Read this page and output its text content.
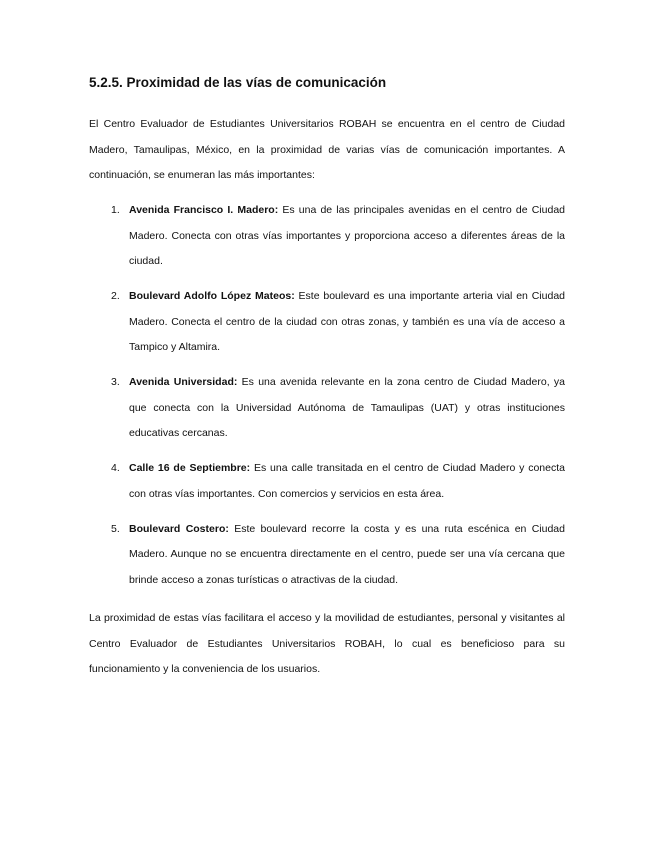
5.2.5. Proximidad de las vías de comunicación

El Centro Evaluador de Estudiantes Universitarios ROBAH se encuentra en el centro de Ciudad Madero, Tamaulipas, México, en la proximidad de varias vías de comunicación importantes. A continuación, se enumeran las más importantes:

1. Avenida Francisco I. Madero: Es una de las principales avenidas en el centro de Ciudad Madero. Conecta con otras vías importantes y proporciona acceso a diferentes áreas de la ciudad.
2. Boulevard Adolfo López Mateos: Este boulevard es una importante arteria vial en Ciudad Madero. Conecta el centro de la ciudad con otras zonas, y también es una vía de acceso a Tampico y Altamira.
3. Avenida Universidad: Es una avenida relevante en la zona centro de Ciudad Madero, ya que conecta con la Universidad Autónoma de Tamaulipas (UAT) y otras instituciones educativas cercanas.
4. Calle 16 de Septiembre: Es una calle transitada en el centro de Ciudad Madero y conecta con otras vías importantes. Con comercios y servicios en esta área.
5. Boulevard Costero: Este boulevard recorre la costa y es una ruta escénica en Ciudad Madero. Aunque no se encuentra directamente en el centro, puede ser una vía cercana que brinde acceso a zonas turísticas o atractivas de la ciudad.

La proximidad de estas vías facilitara el acceso y la movilidad de estudiantes, personal y visitantes al Centro Evaluador de Estudiantes Universitarios ROBAH, lo cual es beneficioso para su funcionamiento y la conveniencia de los usuarios.
